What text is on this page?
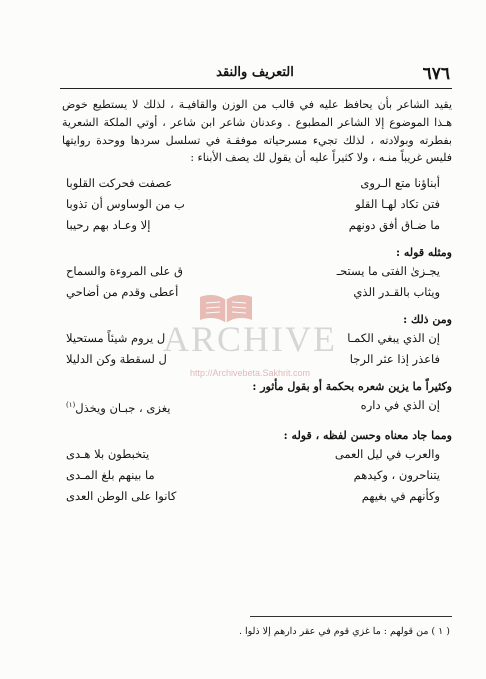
٦٧٦
التعريف والنقد
يقيد الشاعر بأن يحافظ عليه في قالب من الوزن والقافيـة ، لذلك لا يستطيع خوض هـذا الموضوع إلا الشاعر المطبوع . وعدنان شاعر ابن شاعر ، أوتي الملكة الشعرية بفطرته وبولادته ، لذلك تجيء مسرحياته موفقـة في تسلسل سردها ووحدة روايتها فليس غريباً منـه ، ولا كثيراً عليه أن يقول لك يصف الأبناء :
أبناؤنا متع الـروى
عصفت فحركت القلوبا
فتن تكاد لهـا القلو
ب من الوساوس أن تذوبا
ما ضـاق أفق دونهم
إلا وعـاد بهم رحيبا
ومثله قوله :
يجـزىٰ الفتى ما يستحـ
ق على المروءة والسماح
ويثاب بالقـدر الذي
أعطى وقدم من أضاحي
ومن ذلك :
إن الذي يبغي الكمـا
ل يروم شيئاً مستحيلا
فاعذر إذا عثر الرجا
ل لسقطة وكن الدليلا
وكثيراً ما يزين شعره بحكمة أو بقول مأثور :
إن الذي في داره
يغزى ، جبـان ويخذل$^{(١)}$
ومما جاد معناه وحسن لفظه ، قوله :
والعرب في ليل العمى
يتخبطون بلا هـدى
يتناحرون ، وكيدهم
ما بينهم بلغ المـدى
وكأنهم في بغيهم
كانوا على الوطن العدى
( ١ ) من قولهم : ما غزي قوم في عقر دارهم إلا ذلوا .
ARCHIVE
http://Archivebeta.Sakhrit.com
